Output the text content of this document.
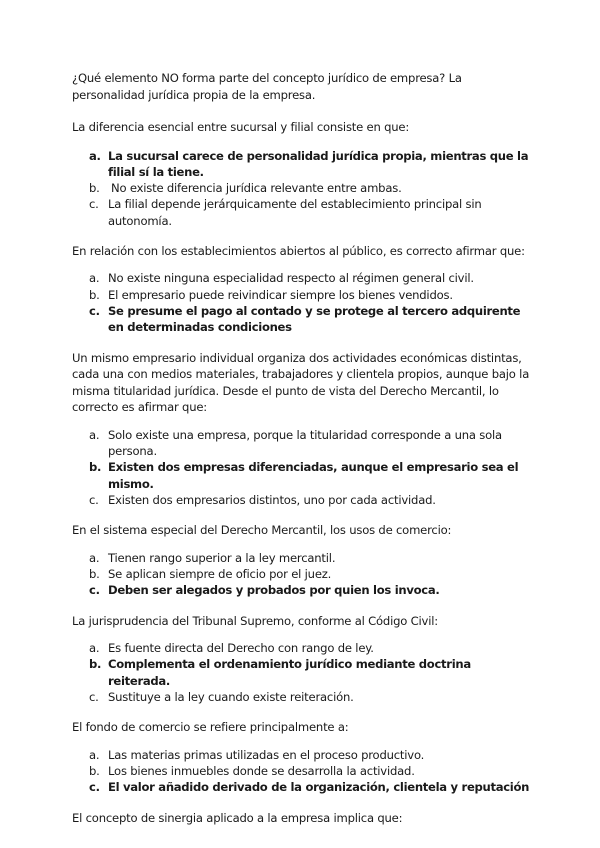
¿Qué elemento NO forma parte del concepto jurídico de empresa? La personalidad jurídica propia de la empresa.

La diferencia esencial entre sucursal y filial consiste en que:

a. La sucursal carece de personalidad jurídica propia, mientras que la filial sí la tiene.
b. No existe diferencia jurídica relevante entre ambas.
c. La filial depende jerárquicamente del establecimiento principal sin autonomía.

En relación con los establecimientos abiertos al público, es correcto afirmar que:

a. No existe ninguna especialidad respecto al régimen general civil.
b. El empresario puede reivindicar siempre los bienes vendidos.
c. Se presume el pago al contado y se protege al tercero adquirente en determinadas condiciones

Un mismo empresario individual organiza dos actividades económicas distintas, cada una con medios materiales, trabajadores y clientela propios, aunque bajo la misma titularidad jurídica. Desde el punto de vista del Derecho Mercantil, lo correcto es afirmar que:

a. Solo existe una empresa, porque la titularidad corresponde a una sola persona.
b. Existen dos empresas diferenciadas, aunque el empresario sea el mismo.
c. Existen dos empresarios distintos, uno por cada actividad.

En el sistema especial del Derecho Mercantil, los usos de comercio:

a. Tienen rango superior a la ley mercantil.
b. Se aplican siempre de oficio por el juez.
c. Deben ser alegados y probados por quien los invoca.

La jurisprudencia del Tribunal Supremo, conforme al Código Civil:

a. Es fuente directa del Derecho con rango de ley.
b. Complementa el ordenamiento jurídico mediante doctrina reiterada.
c. Sustituye a la ley cuando existe reiteración.

El fondo de comercio se refiere principalmente a:

a. Las materias primas utilizadas en el proceso productivo.
b. Los bienes inmuebles donde se desarrolla la actividad.
c. El valor añadido derivado de la organización, clientela y reputación

El concepto de sinergia aplicado a la empresa implica que:
